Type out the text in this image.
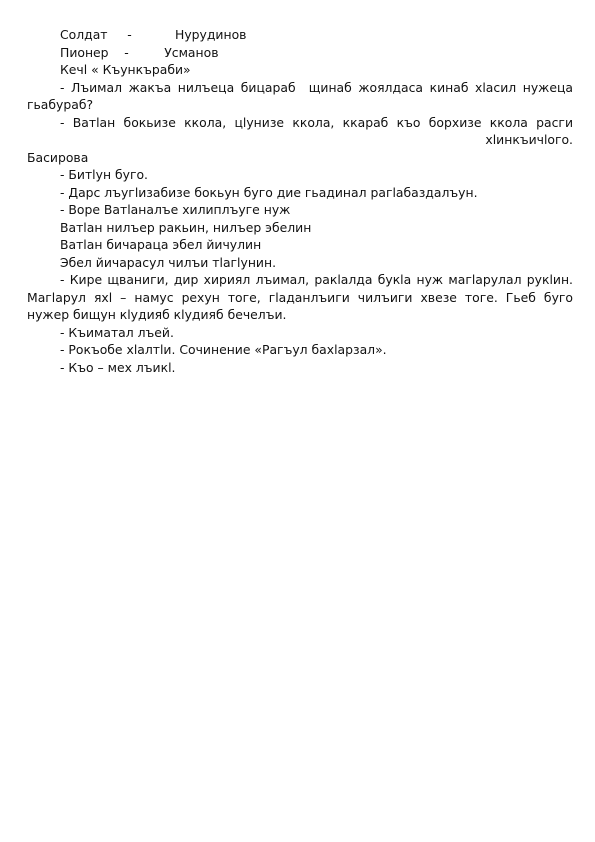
Солдат     -           Нурудинов
Пионер    -         Усманов
Кечl « Къункъраби»
- Лъимал жакъа нилъеца бицараб  щинаб жоялдаса кинаб хlасил нужеца гьабураб?
- Ватlан бокьизе ккола, цlунизе ккола, ккараб къо борхизе ккола расги
хlинкъичlого.
Басирова
- Битlун буго.
- Дарс лъугlизабизе бокьун буго дие гьадинал рагlабаздалъун.
- Воре Ватlаналъе хилиплъуге нуж
Ватlан нилъер ракьин, нилъер эбелин
Ватlан бичараца эбел йичулин
Эбел йичарасул чилъи тlагlунин.
- Кире щваниги, дир хириял лъимал, ракlалда букlа нуж магlарулал рукlин. Магlарул яхl – намус рехун тоге, гlаданлъиги чилъиги хвезе тоге. Гьеб буго нужер бищун кlудияб кlудияб бечелъи.
- Къиматал лъей.
- Рокъобе хlалтlи. Сочинение «Рагъул бахlарзал».
- Къо – мех лъикl.
